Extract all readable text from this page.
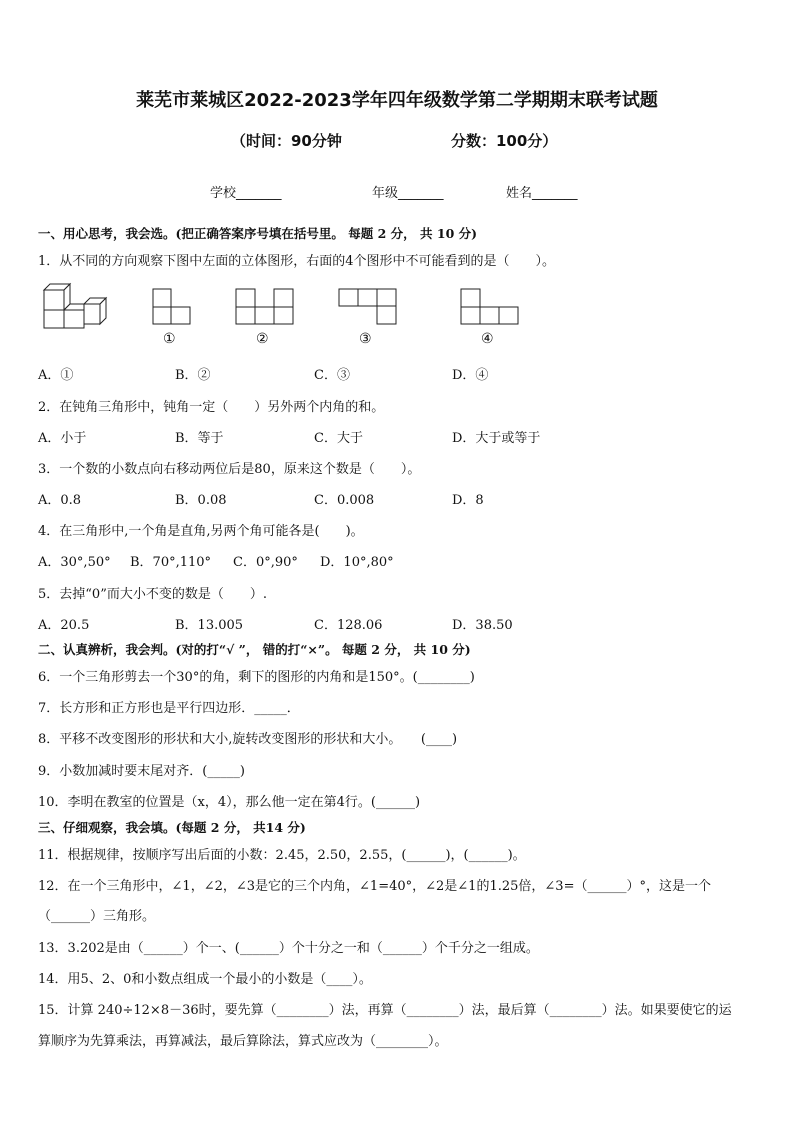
莱芜市莱城区2022-2023学年四年级数学第二学期期末联考试题
（时间：90分钟	分数：100分）
学校_______	年级_______	姓名_______
一、用心思考，我会选。(把正确答案序号填在括号里。 每题 2 分， 共 10 分)
1．从不同的方向观察下图中左面的立体图形，右面的4个图形中不可能看到的是（　　）。
①	②	③	④
A．①	B．②	C．③	D．④
2．在钝角三角形中，钝角一定（　　）另外两个内角的和。
A．小于	B．等于	C．大于	D．大于或等于
3．一个数的小数点向右移动两位后是80，原来这个数是（　　）。
A．0.8	B．0.08	C．0.008	D．8
4．在三角形中,一个角是直角,另两个角可能各是(　　)。
A．30°,50° B．70°,110° C．0°,90° D．10°,80°
5．去掉“0”而大小不变的数是（　　）.
A．20.5	B．13.005	C．128.06	D．38.50
二、认真辨析，我会判。(对的打“√ ”， 错的打“×”。 每题 2 分， 共 10 分)
6．一个三角形剪去一个30°的角，剩下的图形的内角和是150°。(________)
7．长方形和正方形也是平行四边形．_____．
8．平移不改变图形的形状和大小,旋转改变图形的形状和大小。　　(____)
9．小数加减时要末尾对齐．(_____)
10．李明在教室的位置是（x，4），那么他一定在第4行。(______)
三、仔细观察，我会填。(每题 2 分， 共14 分)
11．根据规律，按顺序写出后面的小数：2.45，2.50，2.55，(______)，(______)。
12．在一个三角形中，∠1，∠2，∠3是它的三个内角，∠1=40°，∠2是∠1的1.25倍，∠3=（______）°，这是一个
（______）三角形。
13．3.202是由（______）个一、(______）个十分之一和（______）个千分之一组成。
14．用5、2、0和小数点组成一个最小的小数是（____）。
15．计算 240÷12×8－36时，要先算（________）法，再算（________）法，最后算（________）法。如果要使它的运
算顺序为先算乘法，再算减法，最后算除法，算式应改为（________）。
